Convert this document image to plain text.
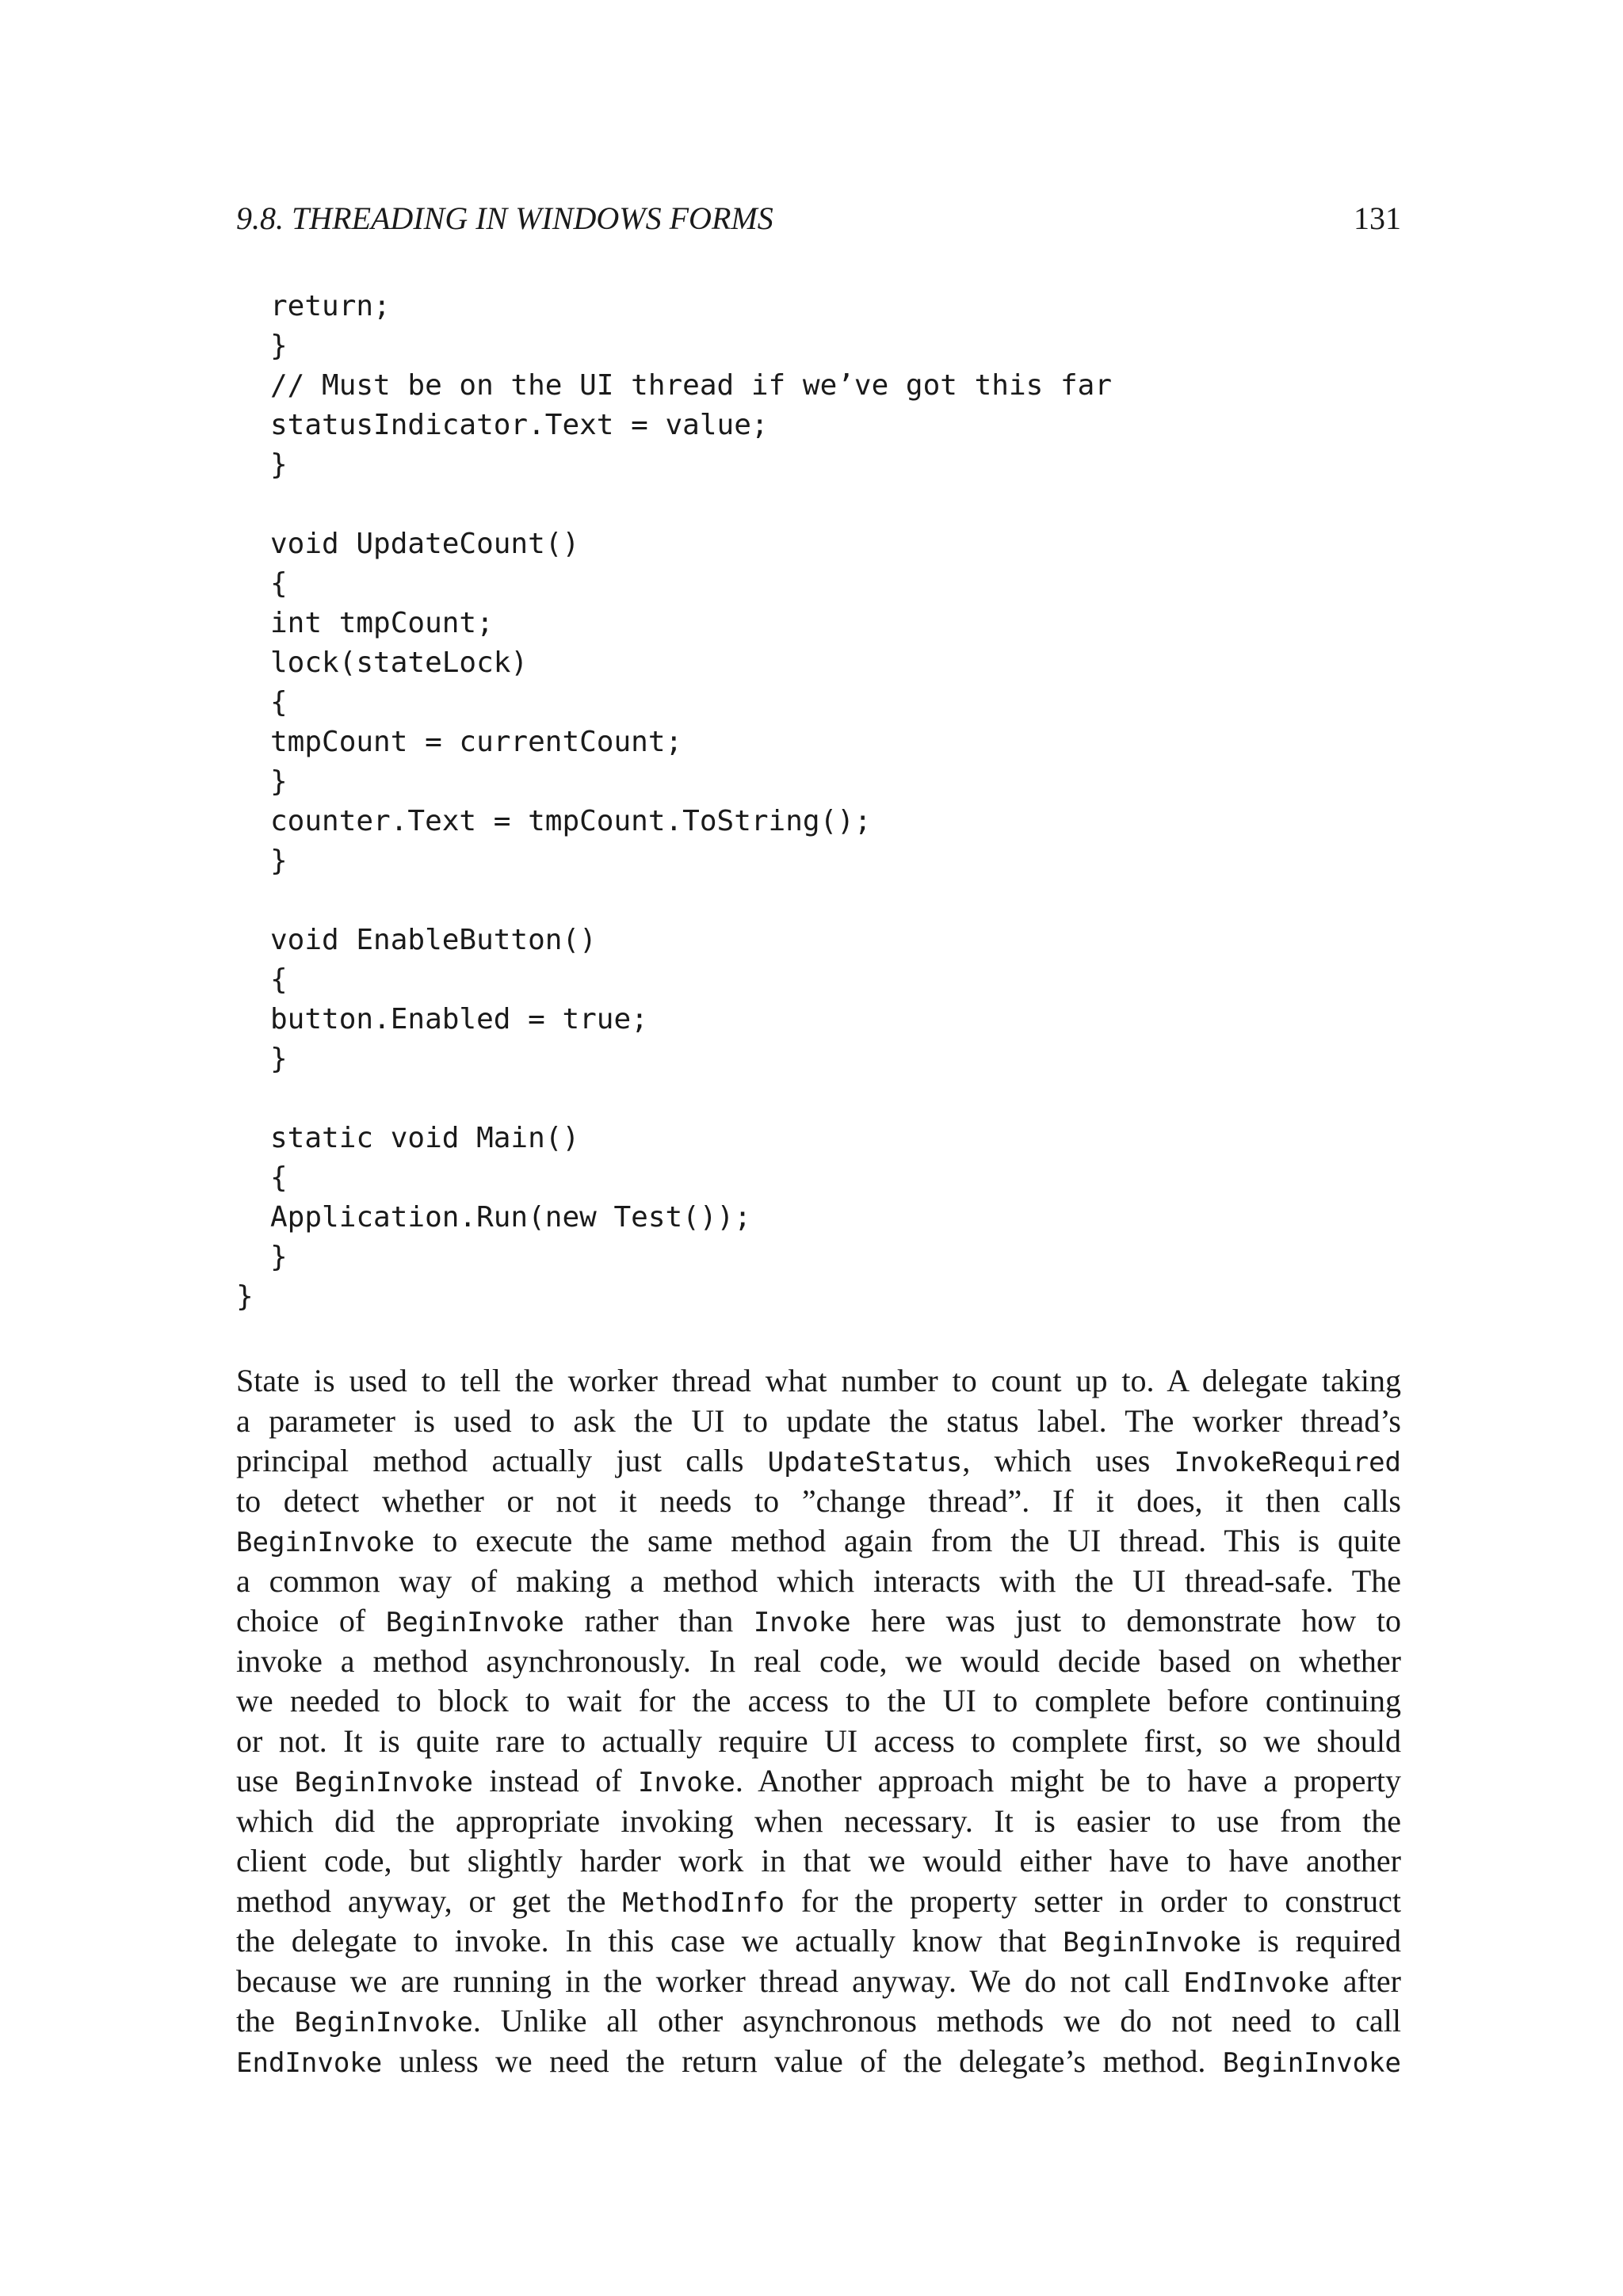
9.8. THREADING IN WINDOWS FORMS	131
return;
}
// Must be on the UI thread if we’ve got this far
statusIndicator.Text = value;
}
void UpdateCount()
{
int tmpCount;
lock(stateLock)
{
tmpCount = currentCount;
}
counter.Text = tmpCount.ToString();
}
void EnableButton()
{
button.Enabled = true;
}
static void Main()
{
Application.Run(new Test());
}
}
State is used to tell the worker thread what number to count up to. A delegate taking
a parameter is used to ask the UI to update the status label. The worker thread’s
principal method actually just calls UpdateStatus, which uses InvokeRequired
to detect whether or not it needs to ”change thread”. If it does, it then calls
BeginInvoke to execute the same method again from the UI thread. This is quite
a common way of making a method which interacts with the UI thread-safe. The
choice of BeginInvoke rather than Invoke here was just to demonstrate how to
invoke a method asynchronously. In real code, we would decide based on whether
we needed to block to wait for the access to the UI to complete before continuing
or not. It is quite rare to actually require UI access to complete first, so we should
use BeginInvoke instead of Invoke. Another approach might be to have a property
which did the appropriate invoking when necessary. It is easier to use from the
client code, but slightly harder work in that we would either have to have another
method anyway, or get the MethodInfo for the property setter in order to construct
the delegate to invoke. In this case we actually know that BeginInvoke is required
because we are running in the worker thread anyway. We do not call EndInvoke after
the BeginInvoke. Unlike all other asynchronous methods we do not need to call
EndInvoke unless we need the return value of the delegate’s method. BeginInvoke
